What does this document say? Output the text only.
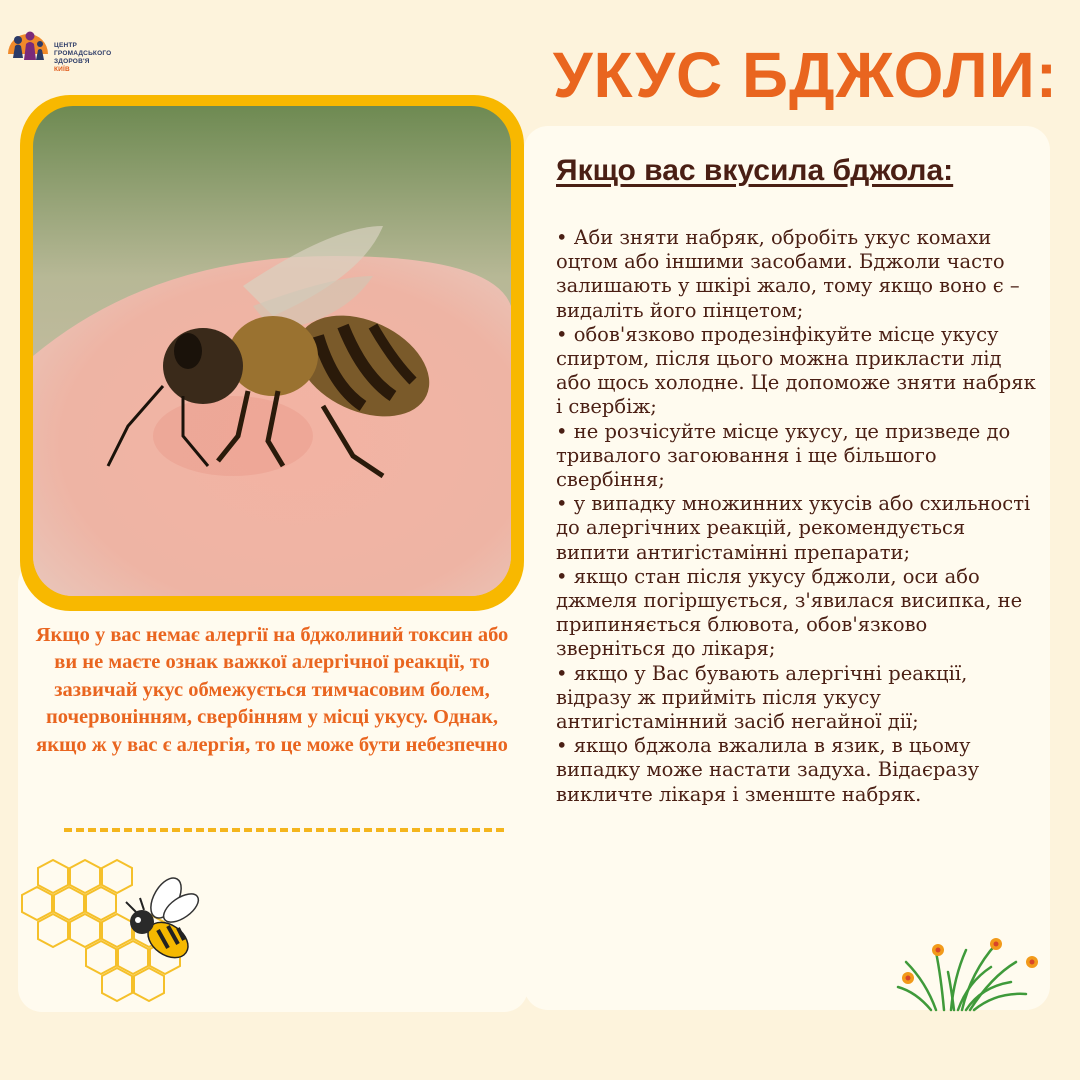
ЦЕНТР
ГРОМАДСЬКОГО
ЗДОРОВ'Я
КИЇВ	УКУС БДЖОЛИ:
Якщо вас вкусила бджола:
• Аби зняти набряк, обробіть укус комахи оцтом або іншими засобами. Бджоли часто залишають у шкірі жало, тому якщо воно є – видаліть його пінцетом;
• обов'язково продезінфікуйте місце укусу спиртом, після цього можна прикласти лід або щось холодне. Це допоможе зняти набряк і свербіж;
• не розчісуйте місце укусу, це призведе до тривалого загоювання і ще більшого свербіння;
• у випадку множинних укусів або схильності до алергічних реакцій, рекомендується випити антигістамінні препарати;
• якщо стан після укусу бджоли, оси або джмеля погіршується, з'явилася висипка, не припиняється блювота, обов'язково зверніться до лікаря;
• якщо у Вас бувають алергічні реакції, відразу ж прийміть після укусу антигістамінний засіб негайної дії;
• якщо бджола вжалила в язик, в цьому випадку може настати задуха. Відаєразу викличте лікаря і зменште набряк.

Якщо у вас немає алергії на бджолиний токсин або ви не маєте ознак важкої алергічної реакції, то зазвичай укус обмежується тимчасовим болем, почервонінням, свербінням у місці укусу. Однак, якщо ж у вас є алергія, то це може бути небезпечно
